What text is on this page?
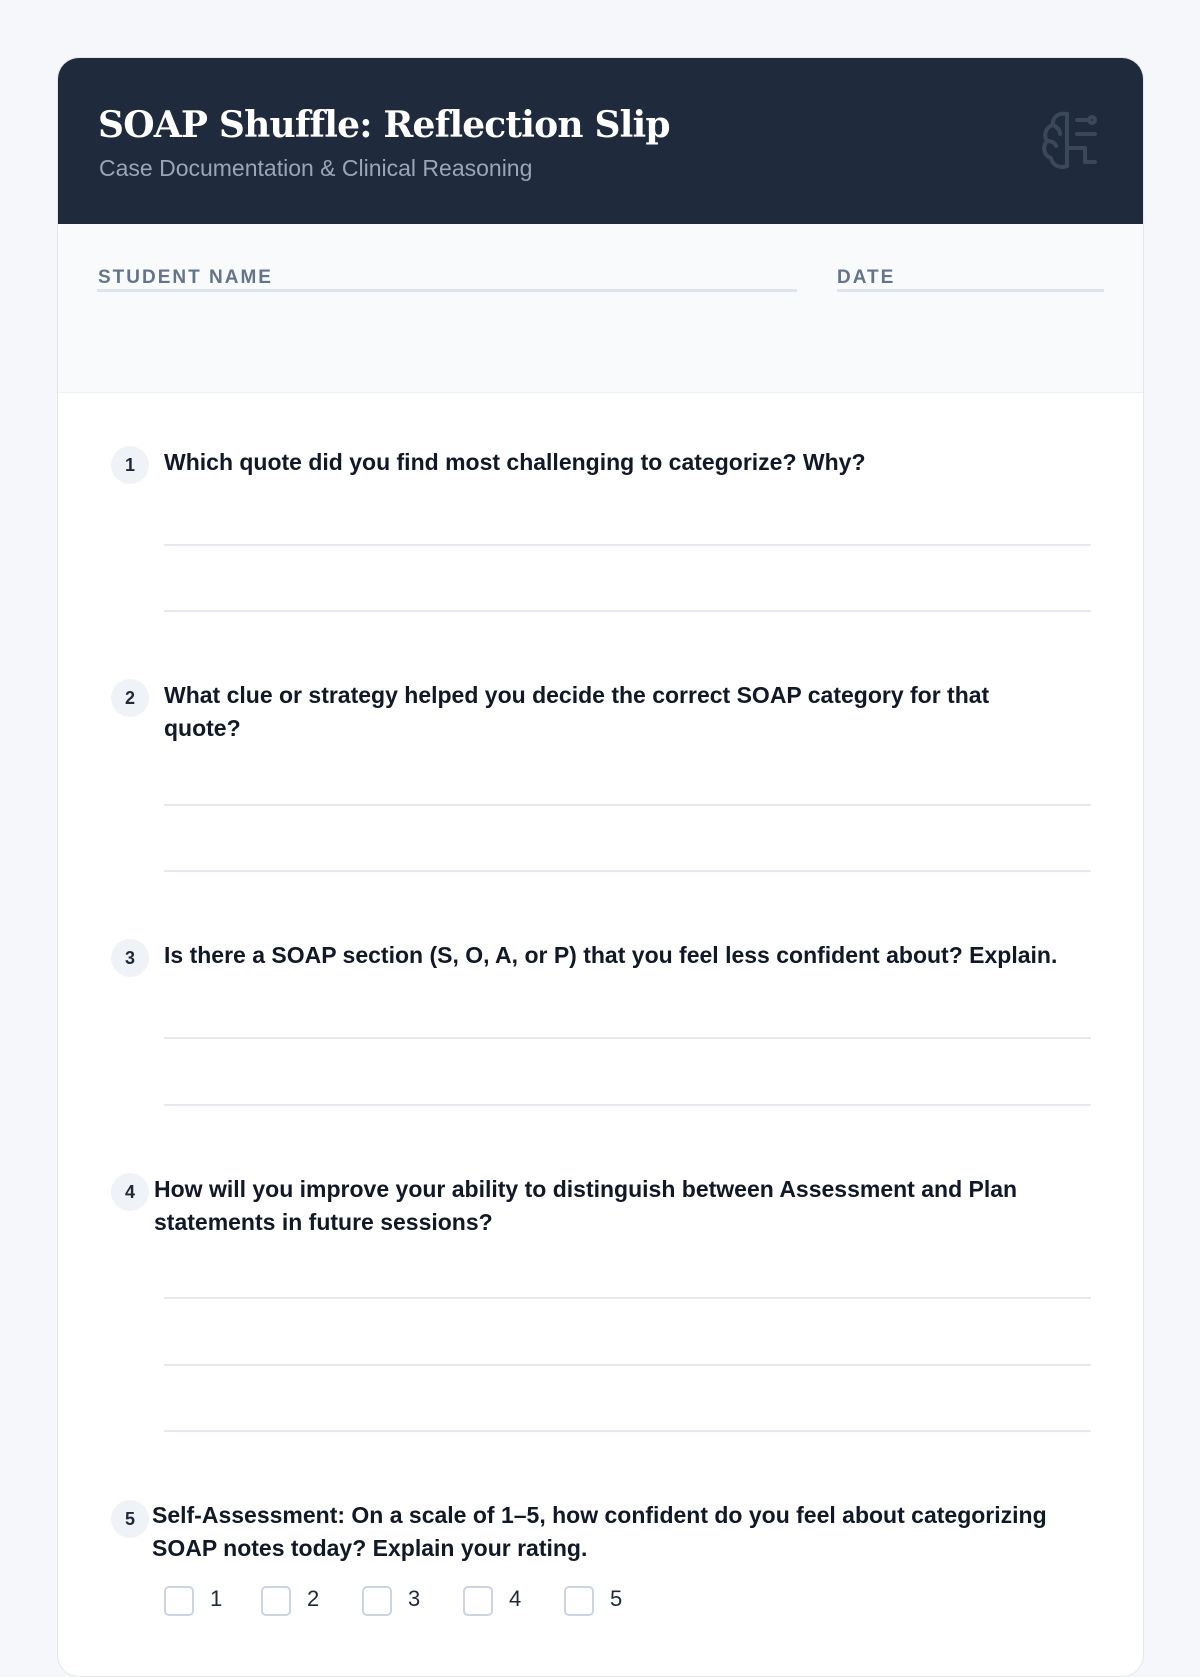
SOAP Shuffle: Reflection Slip
Case Documentation & Clinical Reasoning
STUDENT NAME	DATE
1	Which quote did you find most challenging to categorize? Why?
2	What clue or strategy helped you decide the correct SOAP category for that
quote?
3	Is there a SOAP section (S, O, A, or P) that you feel less confident about? Explain.
4 How will you improve your ability to distinguish between Assessment and Plan
statements in future sessions?
5 Self-Assessment: On a scale of 1–5, how confident do you feel about categorizing
SOAP notes today? Explain your rating.
1	2	3	4	5
